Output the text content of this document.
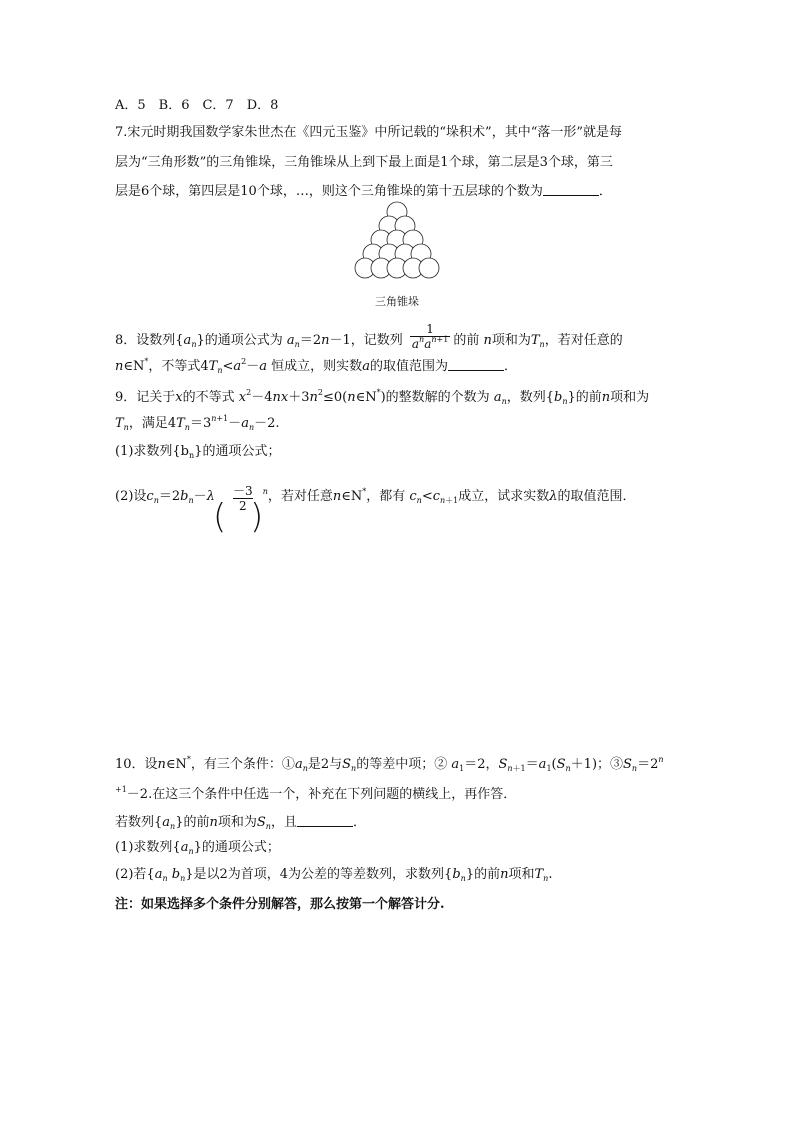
A．5　B．6　C．7　D．8
7.宋元时期我国数学家朱世杰在《四元玉鉴》中所记载的“垛积术”，其中“落一形”就是每
层为“三角形数”的三角锥垛，三角锥垛从上到下最上面是1个球，第二层是3个球，第三
层是6个球，第四层是10个球，…，则这个三角锥垛的第十五层球的个数为	．
三角锥垛
8．设数列$\{a_n\}$的通项公式为 $a_n=2n-1$，记数列 $\frac{1}{a^na^{n+1}}$ 的前 n项和为$T_n$，若对任意的
n∈N*，不等式$4T_n<a^2-a$ 恒成立，则实数a的取值范围为	．
9．记关于x的不等式 $x^2-4nx+3n^2\le 0(n\in N^*)$的整数解的个数为 $a_n$，数列$\{b_n\}$的前n项和为
$T_n$，满足$4T_n=3^{n+1}-a_n-2$.
(1)求数列$\{b_n\}$的通项公式；
(2)设$c_n=2b_n-\lambda \frac{-3}{2} ^n$，若对任意n∈N*，都有 $c_n<c_{n+1}$成立，试求实数λ的取值范围．
( )
10．设n∈N*，有三个条件：$①a_n$是2与$S_n$的等差中项；② $a_1=2$，$S_{n+1}=a_1(S_n+1)$；$③S_n=2^n$
$^{+1}$－2.在这三个条件中任选一个，补充在下列问题的横线上，再作答．
若数列$\{a_n\}$的前n项和为$S_n$，且	．
(1)求数列$\{a_n\}$的通项公式；
(2)若{$a_n$ $b_n$}是以2为首项，4为公差的等差数列，求数列$\{b_n\}$的前n项和$T_n$.
注：如果选择多个条件分别解答，那么按第一个解答计分.
